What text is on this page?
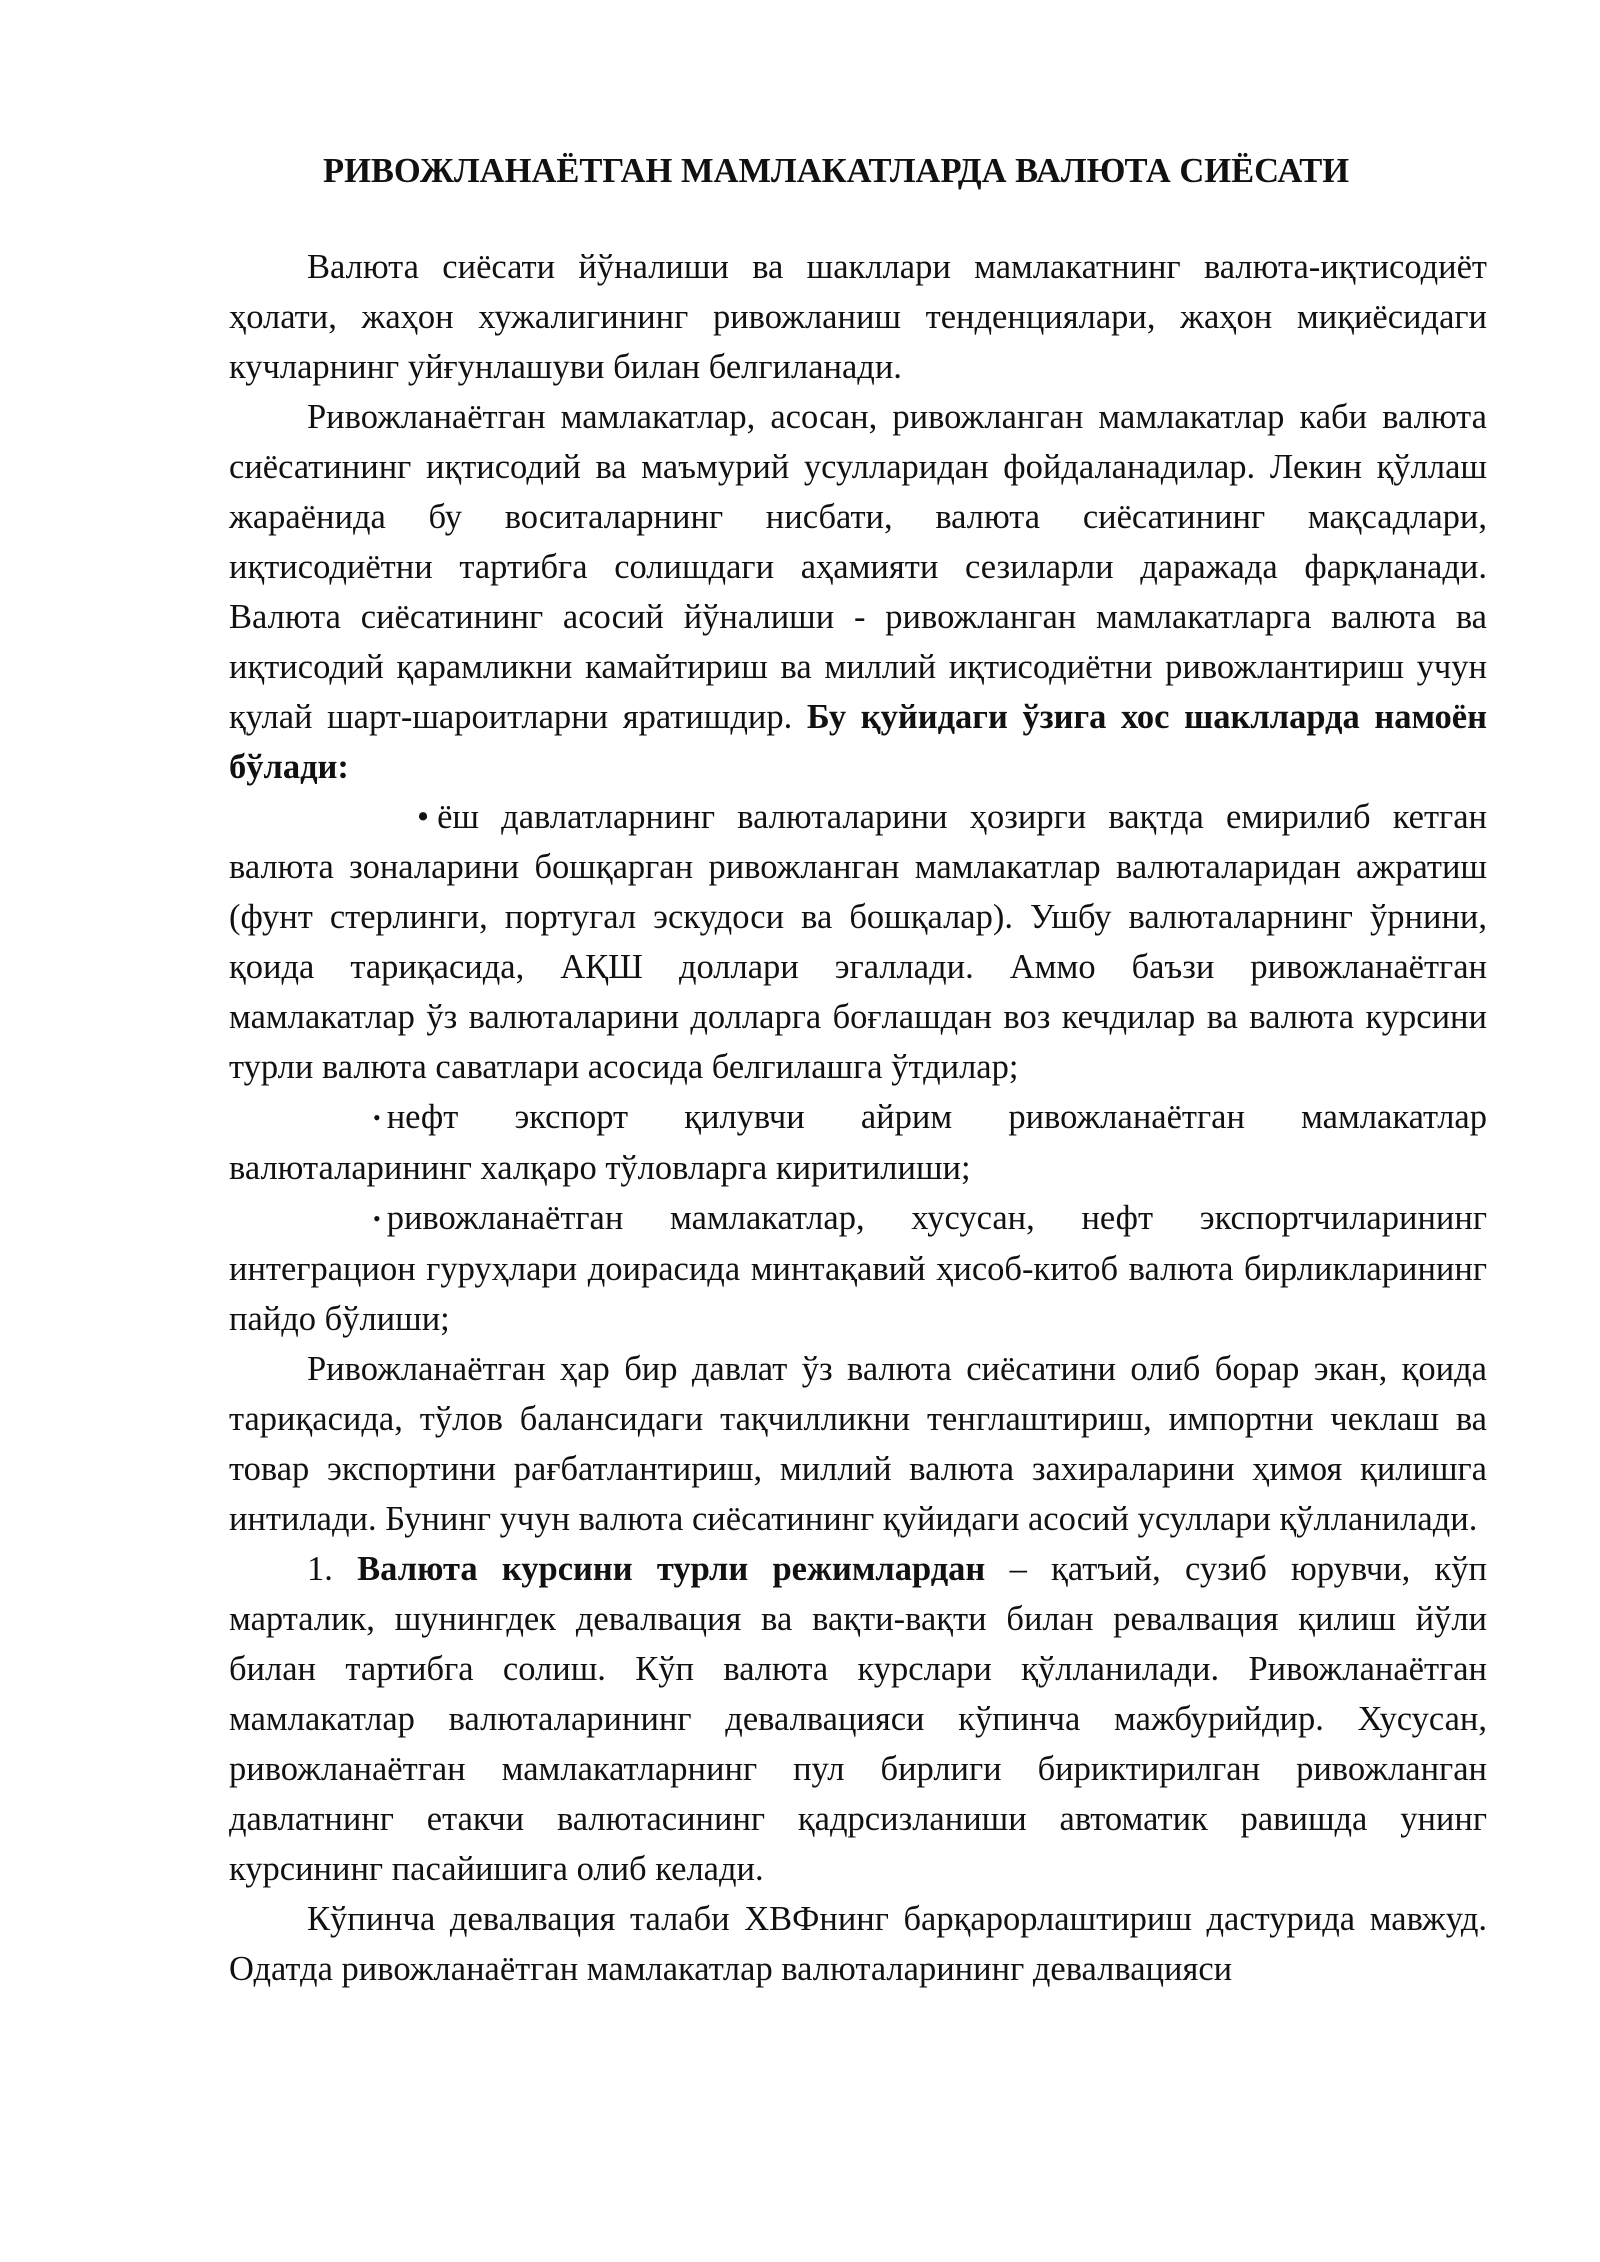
РИВОЖЛАНАЁТГАН МАМЛАКАТЛАРДА ВАЛЮТА СИЁСАТИ

Валюта сиёсати йўналиши ва шакллари мамлакатнинг валюта-иқтисодиёт ҳолати, жаҳон хужалигининг ривожланиш тенденциялари, жаҳон миқиёсидаги кучларнинг уйғунлашуви билан белгиланади.

Ривожланаётган мамлакатлар, асосан, ривожланган мамлакатлар каби валюта сиёсатининг иқтисодий ва маъмурий усулларидан фойдаланадилар. Лекин қўллаш жараёнида бу воситаларнинг нисбати, валюта сиёсатининг мақсадлари, иқтисодиётни тартибга солишдаги аҳамияти сезиларли даражада фарқланади. Валюта сиёсатининг асосий йўналиши - ривожланган мамлакатларга валюта ва иқтисодий қарамликни камайтириш ва миллий иқтисодиётни ривожлантириш учун қулай шарт-шароитларни яратишдир. Бу қуйидаги ўзига хос шаклларда намоён бўлади:

• ёш давлатларнинг валюталарини ҳозирги вақтда емирилиб кетган валюта зоналарини бошқарган ривожланган мамлакатлар валюталаридан ажратиш (фунт стерлинги, португал эскудоси ва бошқалар). Ушбу валюталарнинг ўрнини, қоида тариқасида, АҚШ доллари эгаллади. Аммо баъзи ривожланаётган мамлакатлар ўз валюталарини долларга боғлашдан воз кечдилар ва валюта курсини турли валюта саватлари асосида белгилашга ўтдилар;

• нефт экспорт қилувчи айрим ривожланаётган мамлакатлар валюталарининг халқаро тўловларга киритилиши;

• ривожланаётган мамлакатлар, хусусан, нефт экспортчиларининг интеграцион гуруҳлари доирасида минтақавий ҳисоб-китоб валюта бирликларининг пайдо бўлиши;

Ривожланаётган ҳар бир давлат ўз валюта сиёсатини олиб борар экан, қоида тариқасида, тўлов балансидаги тақчилликни тенглаштириш, импортни чеклаш ва товар экспортини рағбатлантириш, миллий валюта захираларини ҳимоя қилишга интилади. Бунинг учун валюта сиёсатининг қуйидаги асосий усуллари қўлланилади.

1. Валюта курсини турли режимлардан – қатъий, сузиб юрувчи, кўп марталик, шунингдек девалвация ва вақти-вақти билан ревалвация қилиш йўли билан тартибга солиш. Кўп валюта курслари қўлланилади. Ривожланаётган мамлакатлар валюталарининг девалвацияси кўпинча мажбурийдир. Хусусан, ривожланаётган мамлакатларнинг пул бирлиги бириктирилган ривожланган давлатнинг етакчи валютасининг қадрсизланиши автоматик равишда унинг курсининг пасайишига олиб келади.

Кўпинча девалвация талаби ХВФнинг барқарорлаштириш дастурида мавжуд. Одатда ривожланаётган мамлакатлар валюталарининг девалвацияси
